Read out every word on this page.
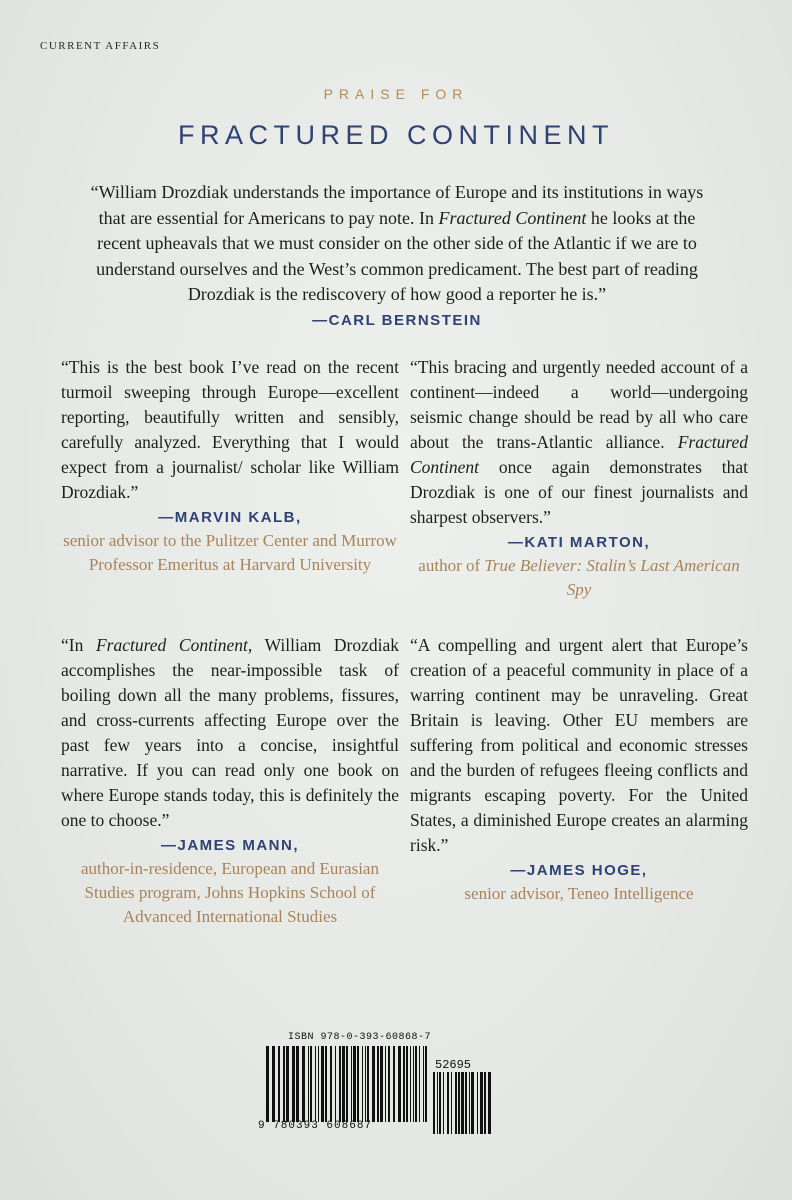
CURRENT AFFAIRS
PRAISE FOR
FRACTURED CONTINENT
“William Drozdiak understands the importance of Europe and its institutions in ways that are essential for Americans to pay note. In Fractured Continent he looks at the recent upheavals that we must consider on the other side of the Atlantic if we are to understand ourselves and the West’s common predicament. The best part of reading Drozdiak is the rediscovery of how good a reporter he is.”
—CARL BERNSTEIN

“This is the best book I’ve read on the recent turmoil sweeping through Europe—excellent reporting, beautifully written and sensibly, carefully analyzed. Everything that I would expect from a journalist/ scholar like William Drozdiak.”

—MARVIN KALB,
senior advisor to the Pulitzer Center and Murrow Professor Emeritus at Harvard University

“This bracing and urgently needed account of a continent—indeed a world—undergoing seismic change should be read by all who care about the trans-Atlantic alliance. Fractured Continent once again demonstrates that Drozdiak is one of our finest journalists and sharpest observers.”

—KATI MARTON,
author of True Believer: Stalin’s Last American Spy

“In Fractured Continent, William Drozdiak accomplishes the near-impossible task of boiling down all the many problems, fissures, and cross-currents affecting Europe over the past few years into a concise, insightful narrative. If you can read only one book on where Europe stands today, this is definitely the one to choose.”

—JAMES MANN,
author-in-residence, European and Eurasian Studies program, Johns Hopkins School of Advanced International Studies

“A compelling and urgent alert that Europe’s creation of a peaceful community in place of a warring continent may be unraveling. Great Britain is leaving. Other EU members are suffering from political and economic stresses and the burden of refugees fleeing conflicts and migrants escaping poverty. For the United States, a diminished Europe creates an alarming risk.”

—JAMES HOGE,
senior advisor, Teneo Intelligence
ISBN 978-0-393-60868-7
52695
9 780393 608687
